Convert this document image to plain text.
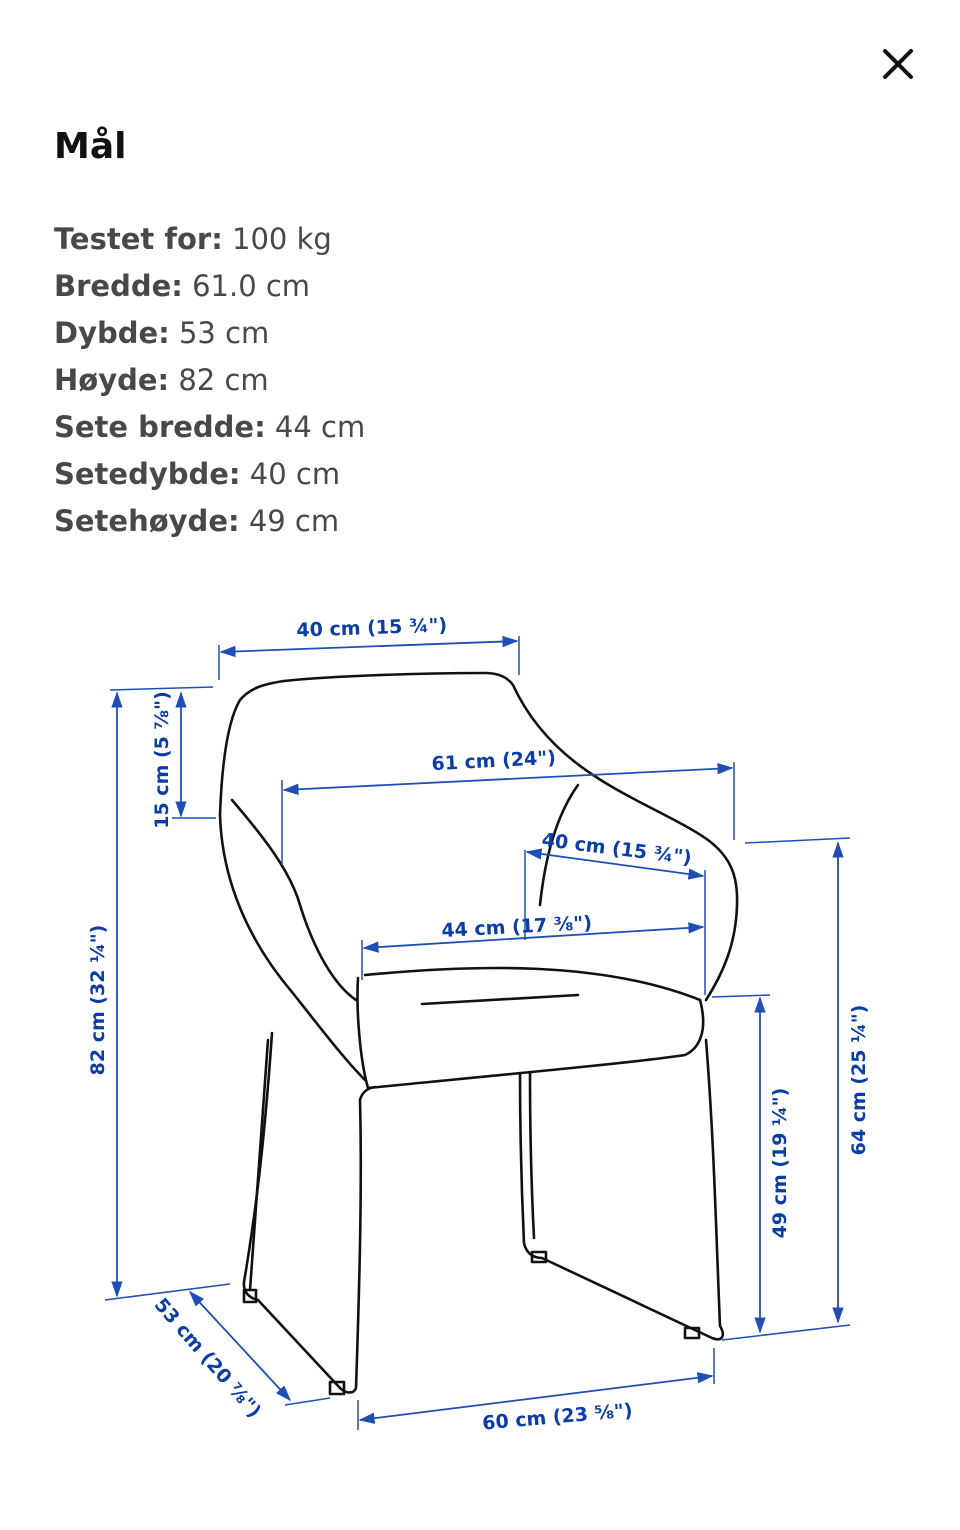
Mål
Testet for: 100 kg
Bredde: 61.0 cm
Dybde: 53 cm
Høyde: 82 cm
Sete bredde: 44 cm
Setedybde: 40 cm
Setehøyde: 49 cm
40 cm (15 ¾")
15 cm (5 ⅞")	61 cm (24")
40 cm (15 ¾")
44 cm (17 ⅜")
82 cm (32 ¼")
64 cm (25 ¼")
49 cm (19 ¼")
53 cm (20 ⅞")	60 cm (23 ⅝")
